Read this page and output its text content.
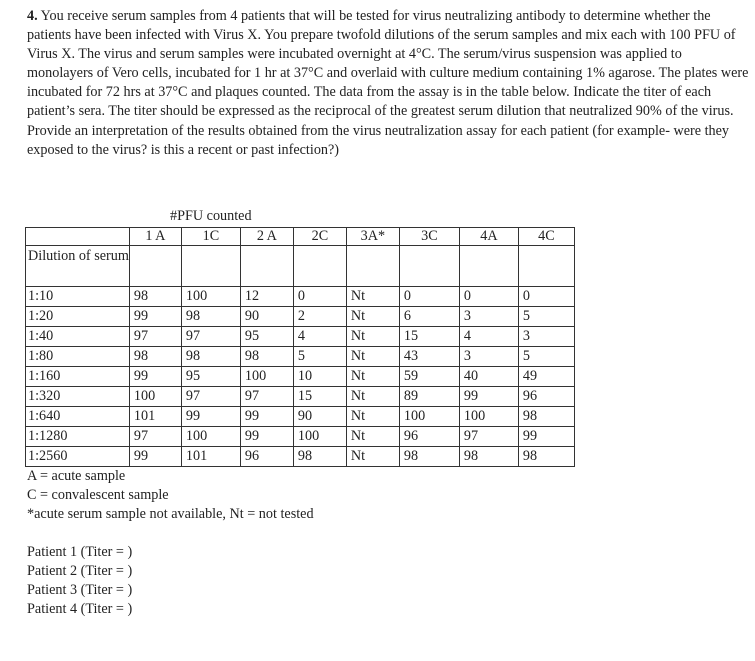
4. You receive serum samples from 4 patients that will be tested for virus neutralizing antibody to determine whether the patients have been infected with Virus X. You prepare twofold dilutions of the serum samples and mix each with 100 PFU of Virus X. The virus and serum samples were incubated overnight at 4°C. The serum/virus suspension was applied to monolayers of Vero cells, incubated for 1 hr at 37°C and overlaid with culture medium containing 1% agarose. The plates were incubated for 72 hrs at 37°C and plaques counted. The data from the assay is in the table below. Indicate the titer of each patient’s sera. The titer should be expressed as the reciprocal of the greatest serum dilution that neutralized 90% of the virus. Provide an interpretation of the results obtained from the virus neutralization assay for each patient (for example- were they exposed to the virus? is this a recent or past infection?)

#PFU counted
	1 A	1C	2 A	2C	3A*	3C	4A	4C
Dilution of serum								
1:10	98	100	12	0	Nt	0	0	0
1:20	99	98	90	2	Nt	6	3	5
1:40	97	97	95	4	Nt	15	4	3
1:80	98	98	98	5	Nt	43	3	5
1:160	99	95	100	10	Nt	59	40	49
1:320	100	97	97	15	Nt	89	99	96
1:640	101	99	99	90	Nt	100	100	98
1:1280	97	100	99	100	Nt	96	97	99
1:2560	99	101	96	98	Nt	98	98	98
A = acute sample
C = convalescent sample
*acute serum sample not available, Nt = not tested
Patient 1 (Titer = )
Patient 2 (Titer = )
Patient 3 (Titer = )
Patient 4 (Titer = )
